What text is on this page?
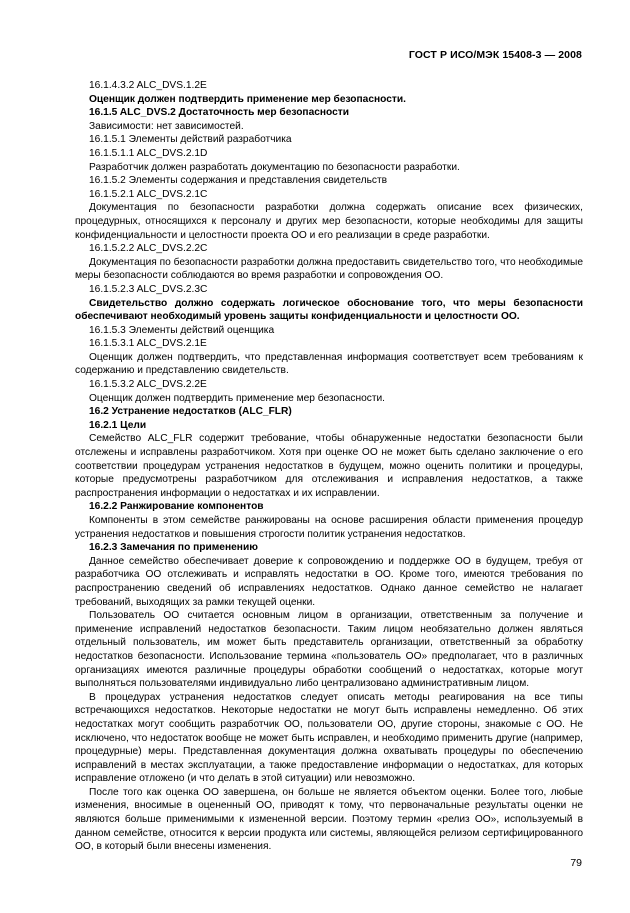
ГОСТ Р ИСО/МЭК 15408-3 — 2008

16.1.4.3.2 ALC_DVS.1.2E

Оценщик должен подтвердить применение мер безопасности.

16.1.5 ALC_DVS.2 Достаточность мер безопасности

Зависимости: нет зависимостей.

16.1.5.1 Элементы действий разработчика

16.1.5.1.1 ALC_DVS.2.1D

Разработчик должен разработать документацию по безопасности разработки.

16.1.5.2 Элементы содержания и представления свидетельств

16.1.5.2.1 ALC_DVS.2.1C

Документация по безопасности разработки должна содержать описание всех физических, процедурных, относящихся к персоналу и других мер безопасности, которые необходимы для защиты конфиденциальности и целостности проекта ОО и его реализации в среде разработки.

16.1.5.2.2 ALC_DVS.2.2C

Документация по безопасности разработки должна предоставить свидетельство того, что необходимые меры безопасности соблюдаются во время разработки и сопровождения ОО.

16.1.5.2.3 ALC_DVS.2.3C

Свидетельство должно содержать логическое обоснование того, что меры безопасности обеспечивают необходимый уровень защиты конфиденциальности и целостности ОО.

16.1.5.3 Элементы действий оценщика

16.1.5.3.1 ALC_DVS.2.1E

Оценщик должен подтвердить, что представленная информация соответствует всем требованиям к содержанию и представлению свидетельств.

16.1.5.3.2 ALC_DVS.2.2E

Оценщик должен подтвердить применение мер безопасности.

16.2 Устранение недостатков (ALC_FLR)

16.2.1 Цели

Семейство ALC_FLR содержит требование, чтобы обнаруженные недостатки безопасности были отслежены и исправлены разработчиком. Хотя при оценке ОО не может быть сделано заключение о его соответствии процедурам устранения недостатков в будущем, можно оценить политики и процедуры, которые предусмотрены разработчиком для отслеживания и исправления недостатков, а также распространения информации о недостатках и их исправлении.

16.2.2 Ранжирование компонентов

Компоненты в этом семействе ранжированы на основе расширения области применения процедур устранения недостатков и повышения строгости политик устранения недостатков.

16.2.3 Замечания по применению

Данное семейство обеспечивает доверие к сопровождению и поддержке ОО в будущем, требуя от разработчика ОО отслеживать и исправлять недостатки в ОО. Кроме того, имеются требования по распространению сведений об исправлениях недостатков. Однако данное семейство не налагает требований, выходящих за рамки текущей оценки.

Пользователь ОО считается основным лицом в организации, ответственным за получение и применение исправлений недостатков безопасности. Таким лицом необязательно должен являться отдельный пользователь, им может быть представитель организации, ответственный за обработку недостатков безопасности. Использование термина «пользователь ОО» предполагает, что в различных организациях имеются различные процедуры обработки сообщений о недостатках, которые могут выполняться пользователями индивидуально либо централизовано административным лицом.

В процедурах устранения недостатков следует описать методы реагирования на все типы встречающихся недостатков. Некоторые недостатки не могут быть исправлены немедленно. Об этих недостатках могут сообщить разработчик ОО, пользователи ОО, другие стороны, знакомые с ОО. Не исключено, что недостаток вообще не может быть исправлен, и необходимо применить другие (например, процедурные) меры. Представленная документация должна охватывать процедуры по обеспечению исправлений в местах эксплуатации, а также предоставление информации о недостатках, для которых исправление отложено (и что делать в этой ситуации) или невозможно.

После того как оценка ОО завершена, он больше не является объектом оценки. Более того, любые изменения, вносимые в оцененный ОО, приводят к тому, что первоначальные результаты оценки не являются больше применимыми к измененной версии. Поэтому термин «релиз ОО», используемый в данном семействе, относится к версии продукта или системы, являющейся релизом сертифицированного ОО, в который были внесены изменения.

79
